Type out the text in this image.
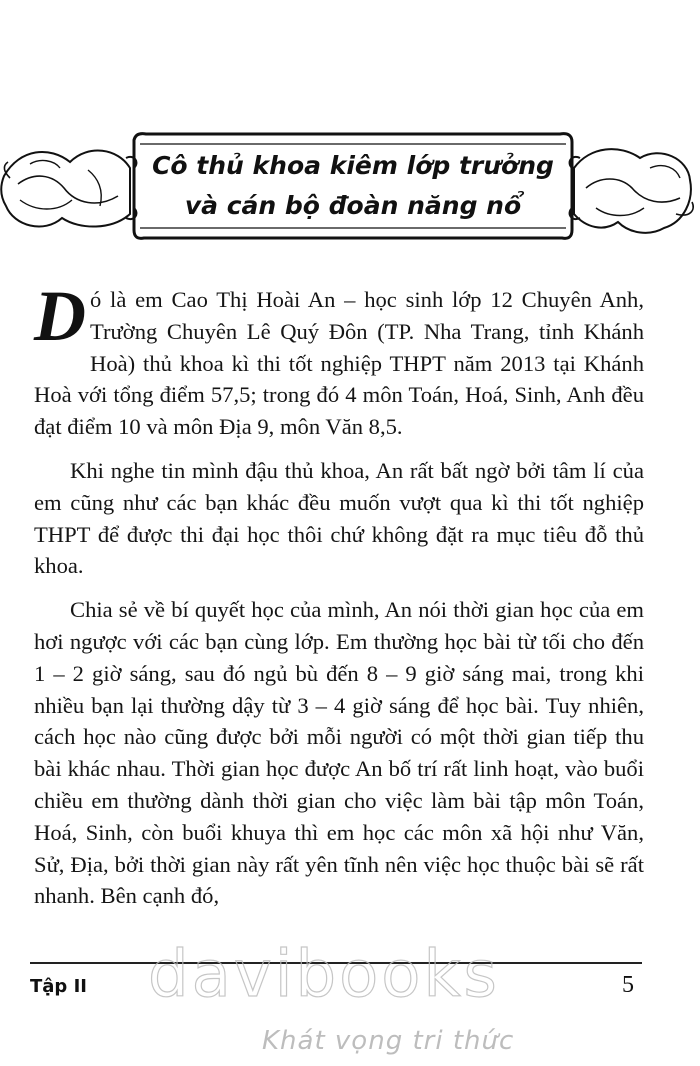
Cô thủ khoa kiêm lớp trưởng
và cán bộ đoàn năng nổ

Dó là em Cao Thị Hoài An – học sinh lớp 12 Chuyên Anh, Trường Chuyên Lê Quý Đôn (TP. Nha Trang, tỉnh Khánh Hoà) thủ khoa kì thi tốt nghiệp THPT năm 2013 tại Khánh Hoà với tổng điểm 57,5; trong đó 4 môn Toán, Hoá, Sinh, Anh đều đạt điểm 10 và môn Địa 9, môn Văn 8,5.

Khi nghe tin mình đậu thủ khoa, An rất bất ngờ bởi tâm lí của em cũng như các bạn khác đều muốn vượt qua kì thi tốt nghiệp THPT để được thi đại học thôi chứ không đặt ra mục tiêu đỗ thủ khoa.

Chia sẻ về bí quyết học của mình, An nói thời gian học của em hơi ngược với các bạn cùng lớp. Em thường học bài từ tối cho đến 1 – 2 giờ sáng, sau đó ngủ bù đến 8 – 9 giờ sáng mai, trong khi nhiều bạn lại thường dậy từ 3 – 4 giờ sáng để học bài. Tuy nhiên, cách học nào cũng được bởi mỗi người có một thời gian tiếp thu bài khác nhau. Thời gian học được An bố trí rất linh hoạt, vào buổi chiều em thường dành thời gian cho việc làm bài tập môn Toán, Hoá, Sinh, còn buổi khuya thì em học các môn xã hội như Văn, Sử, Địa, bởi thời gian này rất yên tĩnh nên việc học thuộc bài sẽ rất nhanh. Bên cạnh đó,

Tập II	5
davibooks
Khát vọng tri thức
